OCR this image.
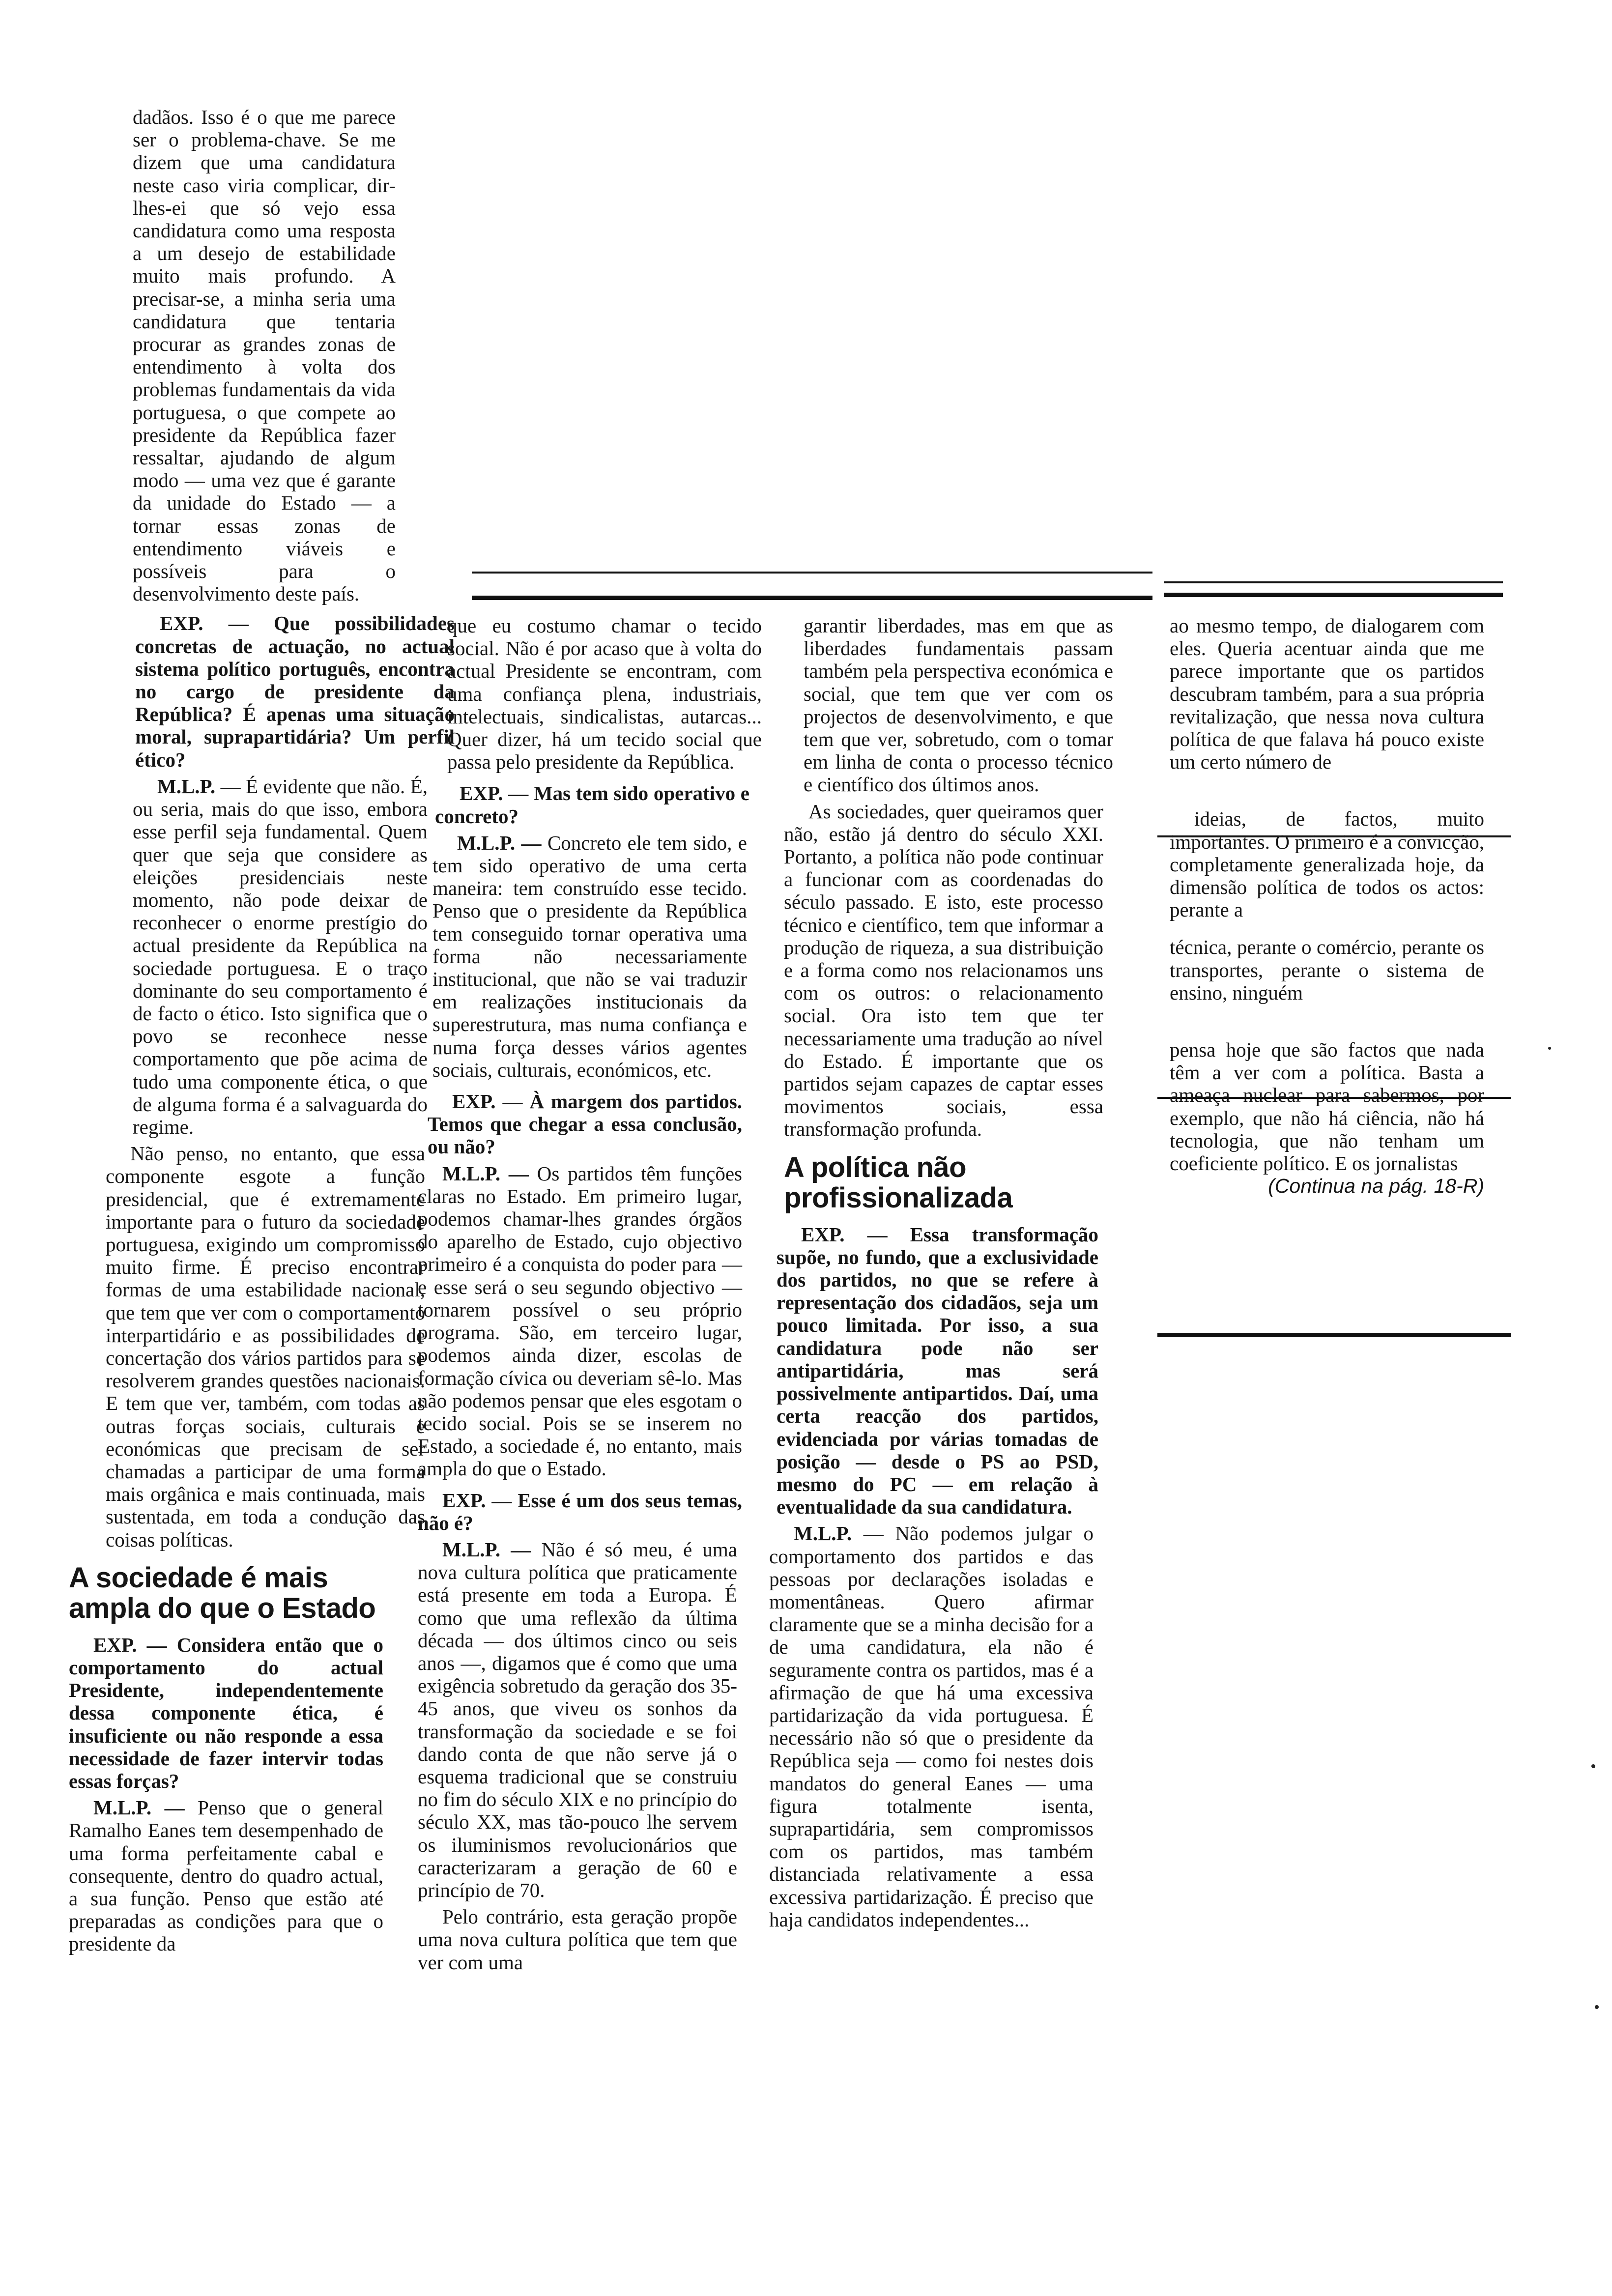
dadãos. Isso é o que me parece ser o problema-chave. Se me dizem que uma candidatura neste caso viria complicar, dir-lhes-ei que só vejo essa candidatura como uma resposta a um desejo de estabilidade muito mais profundo. A precisar-se, a minha seria uma candidatura que tentaria procurar as grandes zonas de entendimento à volta dos problemas fundamentais da vida portuguesa, o que compete ao presidente da República fazer ressaltar, ajudando de algum modo — uma vez que é garante da unidade do Estado — a tornar essas zonas de entendimento viáveis e possíveis para o desenvolvimento deste país.

EXP. — Que possibilidades concretas de actuação, no actual sistema político português, encontra no cargo de presidente da República? É apenas uma situação moral, suprapartidária? Um perfil ético?

M.L.P. — É evidente que não. É, ou seria, mais do que isso, embora esse perfil seja fundamental. Quem quer que seja que considere as eleições presidenciais neste momento, não pode deixar de reconhecer o enorme prestígio do actual presidente da República na sociedade portuguesa. E o traço dominante do seu comportamento é de facto o ético. Isto significa que o povo se reconhece nesse comportamento que põe acima de tudo uma componente ética, o que de alguma forma é a salvaguarda do regime.

Não penso, no entanto, que essa componente esgote a função presidencial, que é extremamente importante para o futuro da sociedade portuguesa, exigindo um compromisso muito firme. É preciso encontrar formas de uma estabilidade nacional, que tem que ver com o comportamento interpartidário e as possibilidades de concertação dos vários partidos para se resolverem grandes questões nacionais. E tem que ver, também, com todas as outras forças sociais, culturais e económicas que precisam de ser chamadas a participar de uma forma mais orgânica e mais continuada, mais sustentada, em toda a condução das coisas políticas.

A sociedade é mais ampla do que o Estado

EXP. — Considera então que o comportamento do actual Presidente, independentemente dessa componente ética, é insuficiente ou não responde a essa necessidade de fazer intervir todas essas forças?

M.L.P. — Penso que o general Ramalho Eanes tem desempenhado de uma forma perfeitamente cabal e consequente, dentro do quadro actual, a sua função. Penso que estão até preparadas as condições para que o presidente da

que eu costumo chamar o tecido social. Não é por acaso que à volta do actual Presidente se encontram, com uma confiança plena, industriais, intelectuais, sindicalistas, autarcas... Quer dizer, há um tecido social que passa pelo presidente da República.

EXP. — Mas tem sido operativo e concreto?

M.L.P. — Concreto ele tem sido, e tem sido operativo de uma certa maneira: tem construído esse tecido. Penso que o presidente da República tem conseguido tornar operativa uma forma não necessariamente institucional, que não se vai traduzir em realizações institucionais da superestrutura, mas numa confiança e numa força desses vários agentes sociais, culturais, económicos, etc.

EXP. — À margem dos partidos. Temos que chegar a essa conclusão, ou não?

M.L.P. — Os partidos têm funções claras no Estado. Em primeiro lugar, podemos chamar-lhes grandes órgãos do aparelho de Estado, cujo objectivo primeiro é a conquista do poder para — e esse será o seu segundo objectivo — tornarem possível o seu próprio programa. São, em terceiro lugar, podemos ainda dizer, escolas de formação cívica ou deveriam sê-lo. Mas não podemos pensar que eles esgotam o tecido social. Pois se se inserem no Estado, a sociedade é, no entanto, mais ampla do que o Estado.

EXP. — Esse é um dos seus temas, não é?

M.L.P. — Não é só meu, é uma nova cultura política que praticamente está presente em toda a Europa. É como que uma reflexão da última década — dos últimos cinco ou seis anos —, digamos que é como que uma exigência sobretudo da geração dos 35-45 anos, que viveu os sonhos da transformação da sociedade e se foi dando conta de que não serve já o esquema tradicional que se construiu no fim do século XIX e no princípio do século XX, mas tão-pouco lhe servem os iluminismos revolucionários que caracterizaram a geração de 60 e princípio de 70.

Pelo contrário, esta geração propõe uma nova cultura política que tem que ver com uma

garantir liberdades, mas em que as liberdades fundamentais passam também pela perspectiva económica e social, que tem que ver com os projectos de desenvolvimento, e que tem que ver, sobretudo, com o tomar em linha de conta o processo técnico e científico dos últimos anos.

As sociedades, quer queiramos quer não, estão já dentro do século XXI. Portanto, a política não pode continuar a funcionar com as coordenadas do século passado. E isto, este processo técnico e científico, tem que informar a produção de riqueza, a sua distribuição e a forma como nos relacionamos uns com os outros: o relacionamento social. Ora isto tem que ter necessariamente uma tradução ao nível do Estado. É importante que os partidos sejam capazes de captar esses movimentos sociais, essa transformação profunda.

A política não profissionalizada

EXP. — Essa transformação supõe, no fundo, que a exclusividade dos partidos, no que se refere à representação dos cidadãos, seja um pouco limitada. Por isso, a sua candidatura pode não ser antipartidária, mas será possivelmente antipartidos. Daí, uma certa reacção dos partidos, evidenciada por várias tomadas de posição — desde o PS ao PSD, mesmo do PC — em relação à eventualidade da sua candidatura.

M.L.P. — Não podemos julgar o comportamento dos partidos e das pessoas por declarações isoladas e momentâneas. Quero afirmar claramente que se a minha decisão for a de uma candidatura, ela não é seguramente contra os partidos, mas é a afirmação de que há uma excessiva partidarização da vida portuguesa. É necessário não só que o presidente da República seja — como foi nestes dois mandatos do general Eanes — uma figura totalmente isenta, suprapartidária, sem compromissos com os partidos, mas também distanciada relativamente a essa excessiva partidarização. É preciso que haja candidatos independentes...

ao mesmo tempo, de dialogarem com eles. Queria acentuar ainda que me parece importante que os partidos descubram também, para a sua própria revitalização, que nessa nova cultura política de que falava há pouco existe um certo número de

ideias, de factos, muito importantes. O primeiro é a convicção, completamente generalizada hoje, da dimensão política de todos os actos: perante a

técnica, perante o comércio, perante os transportes, perante o sistema de ensino, ninguém

pensa hoje que são factos que nada têm a ver com a política. Basta a ameaça nuclear para sabermos, por exemplo, que não há ciência, não há tecnologia, que não tenham um coeficiente político. E os jornalistas

(Continua na pág. 18-R)
